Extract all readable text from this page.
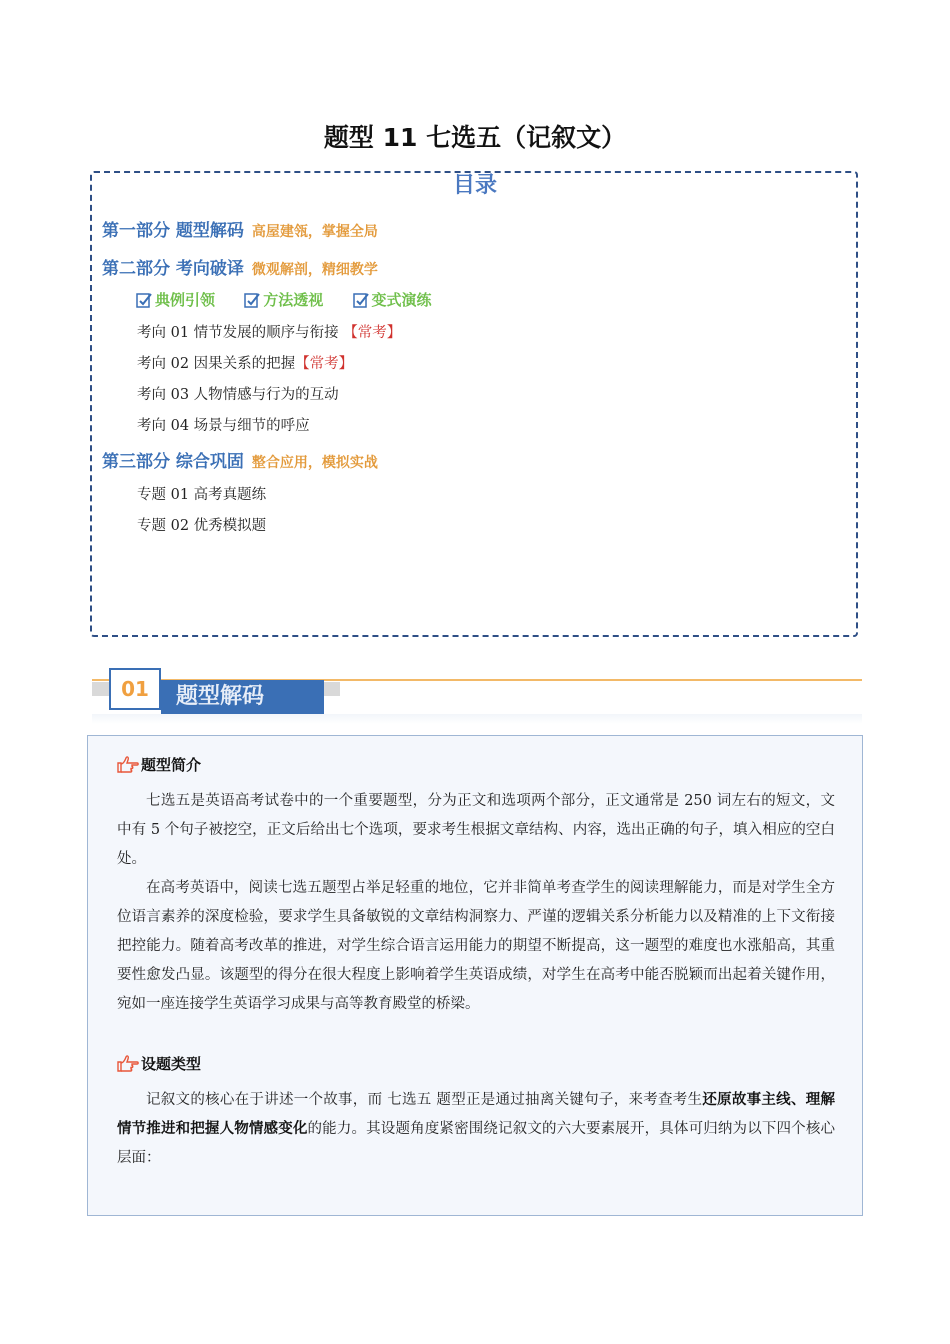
题型 11 七选五（记叙文）
目录
第一部分 题型解码 高屋建瓴，掌握全局
第二部分 考向破译 微观解剖，精细教学
典例引领
	方法透视
	变式演练
考向 01 情节发展的顺序与衔接 【常考】
考向 02 因果关系的把握【常考】
考向 03 人物情感与行为的互动
考向 04 场景与细节的呼应
第三部分 综合巩固 整合应用，模拟实战
专题 01 高考真题练
专题 02 优秀模拟题
01	题型解码
题型简介

七选五是英语高考试卷中的一个重要题型，分为正文和选项两个部分，正文通常是 250 词左右的短文，文中有 5 个句子被挖空，正文后给出七个选项，要求考生根据文章结构、内容，选出正确的句子，填入相应的空白处。

在高考英语中，阅读七选五题型占举足轻重的地位，它并非简单考查学生的阅读理解能力，而是对学生全方位语言素养的深度检验，要求学生具备敏锐的文章结构洞察力、严谨的逻辑关系分析能力以及精准的上下文衔接把控能力。随着高考改革的推进，对学生综合语言运用能力的期望不断提高，这一题型的难度也水涨船高，其重要性愈发凸显。该题型的得分在很大程度上影响着学生英语成绩，对学生在高考中能否脱颖而出起着关键作用，宛如一座连接学生英语学习成果与高等教育殿堂的桥梁。

设题类型

记叙文的核心在于讲述一个故事，而 七选五 题型正是通过抽离关键句子，来考查考生还原故事主线、理解情节推进和把握人物情感变化的能力。其设题角度紧密围绕记叙文的六大要素展开，具体可归纳为以下四个核心层面：
